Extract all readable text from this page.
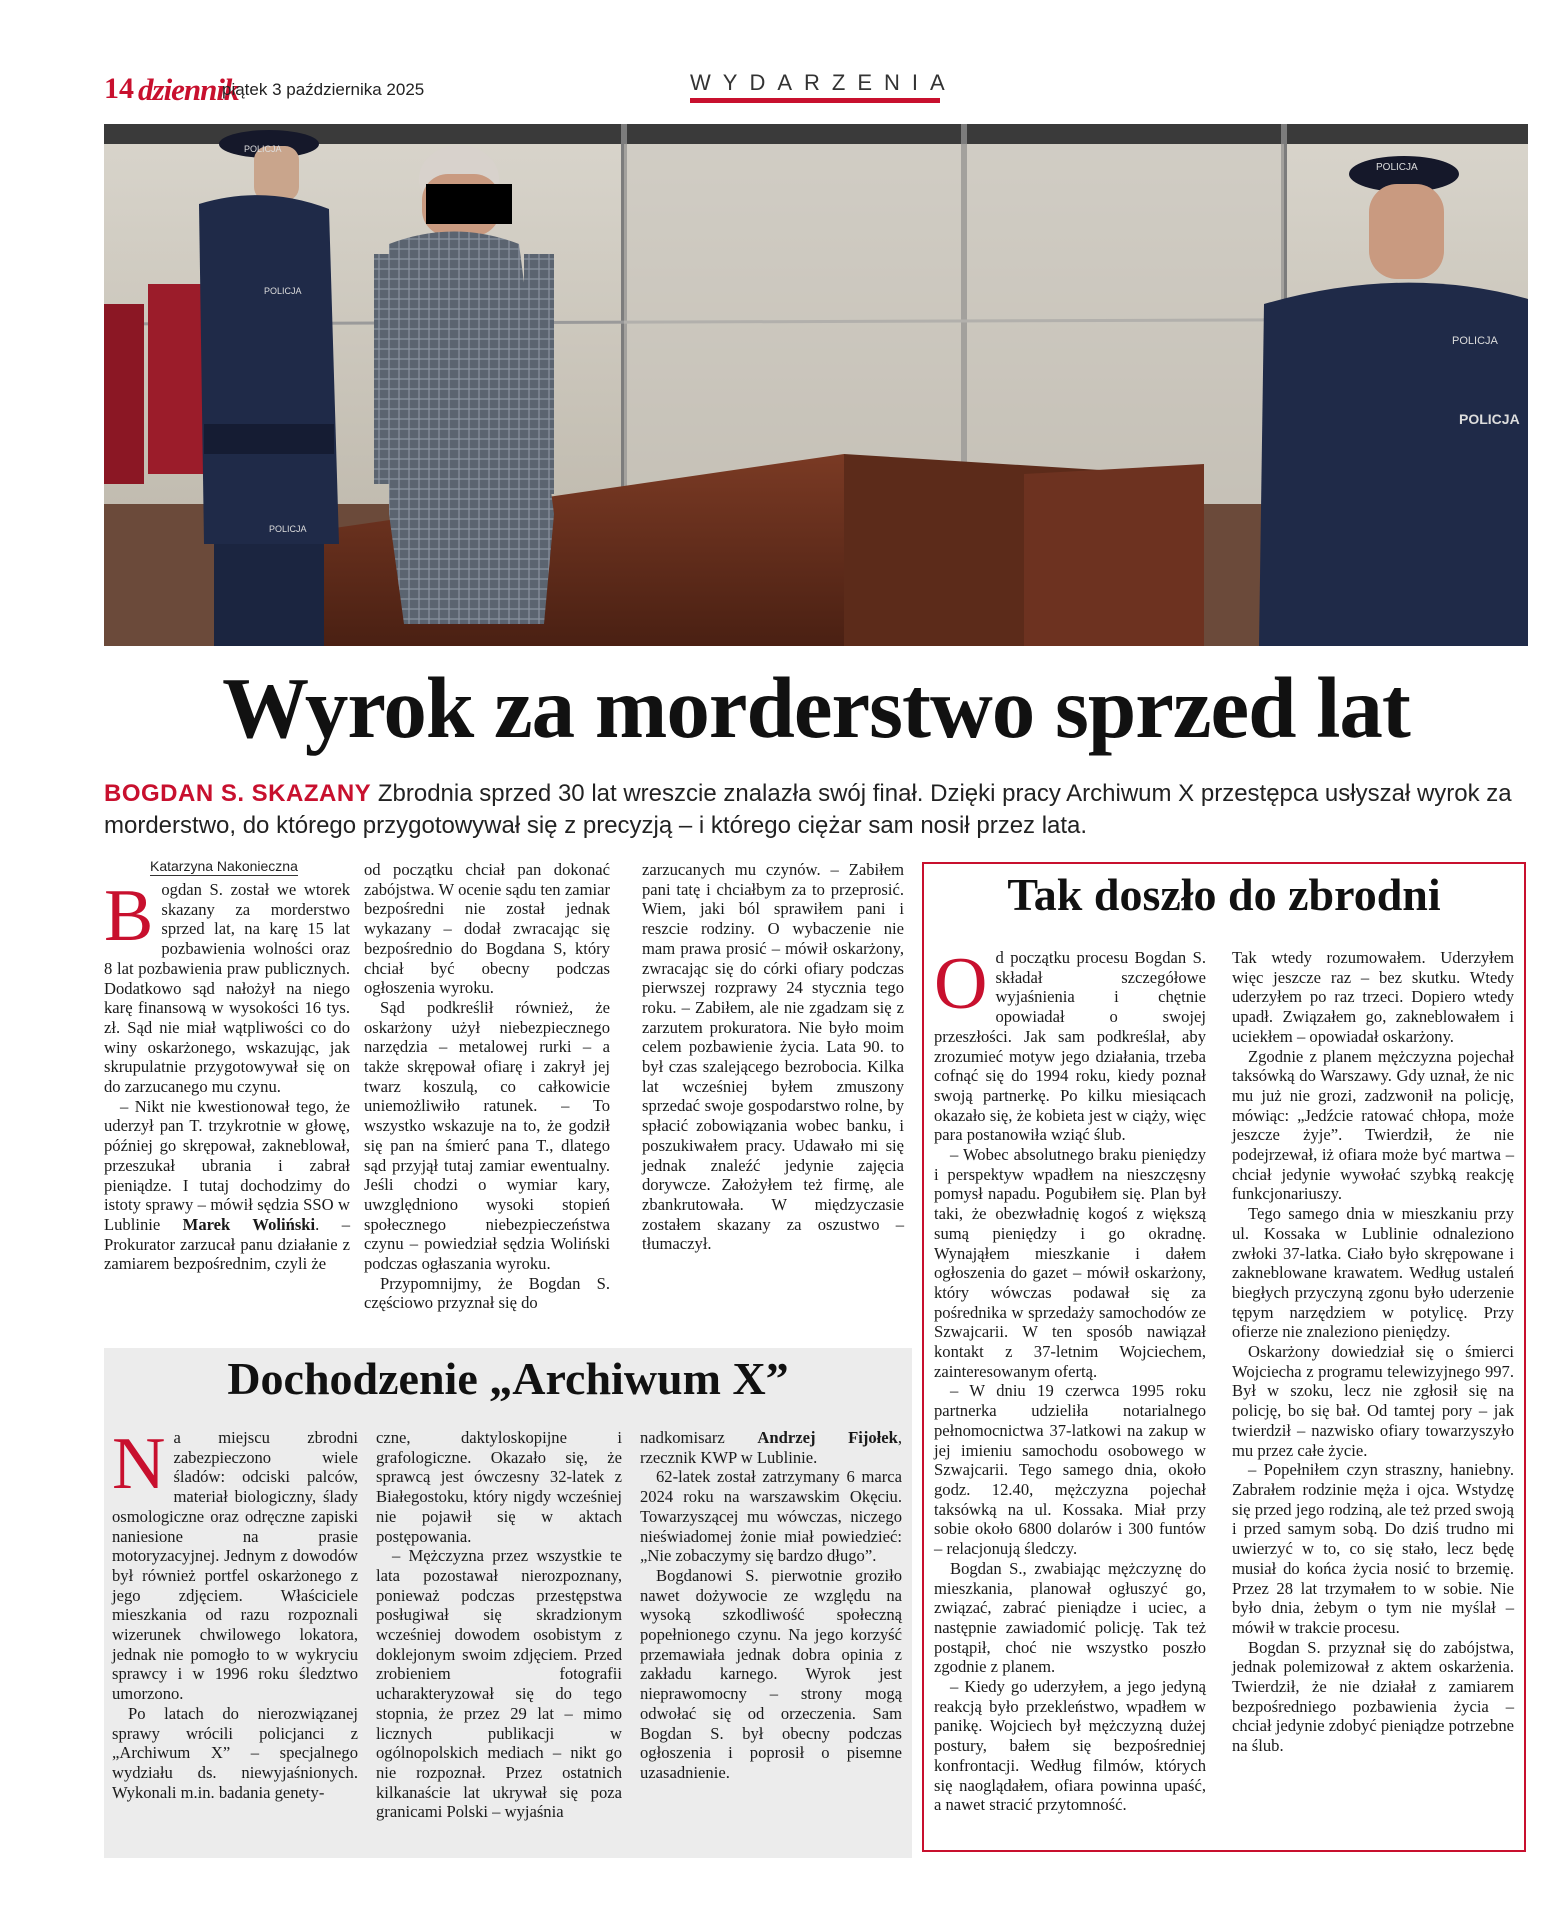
14 dziennik
piątek 3 października 2025	WYDARZENIA
POLICJA
POLICJA
POLICJA
POLICJA
POLICJA
POLICJA
Wyrok za morderstwo sprzed lat
BOGDAN S. SKAZANY Zbrodnia sprzed 30 lat wreszcie znalazła swój finał. Dzięki pracy Archiwum X przestępca usłyszał wyrok za morderstwo, do którego przygotowywał się z precyzją – i którego ciężar sam nosił przez lata.
Katarzyna Nakonieczna
B ogdan S. został we wtorek skazany za morderstwo sprzed lat, na karę 15 lat pozbawienia wolności oraz 8 lat pozbawienia praw publicznych. Dodatkowo sąd nałożył na niego karę finansową w wysokości 16 tys. zł. Sąd nie miał wątpliwości co do winy oskarżonego, wskazując, jak skrupulatnie przygotowywał się on do zarzucanego mu czynu.

– Nikt nie kwestionował tego, że uderzył pan T. trzykrotnie w głowę, później go skrępował, zakneblował, przeszukał ubrania i zabrał pieniądze. I tutaj dochodzimy do istoty sprawy – mówił sędzia SSO w Lublinie Marek Woliński. – Prokurator zarzucał panu działanie z zamiarem bezpośrednim, czyli że

od początku chciał pan dokonać zabójstwa. W ocenie sądu ten zamiar bezpośredni nie został jednak wykazany – dodał zwracając się bezpośrednio do Bogdana S, który chciał być obecny podczas ogłoszenia wyroku.

Sąd podkreślił również, że oskarżony użył niebezpiecznego narzędzia – metalowej rurki – a także skrępował ofiarę i zakrył jej twarz koszulą, co całkowicie uniemożliwiło ratunek. – To wszystko wskazuje na to, że godził się pan na śmierć pana T., dlatego sąd przyjął tutaj zamiar ewentualny. Jeśli chodzi o wymiar kary, uwzględniono wysoki stopień społecznego niebezpieczeństwa czynu – powiedział sędzia Woliński podczas ogłaszania wyroku.

Przypomnijmy, że Bogdan S. częściowo przyznał się do

zarzucanych mu czynów. – Zabiłem pani tatę i chciałbym za to przeprosić. Wiem, jaki ból sprawiłem pani i reszcie rodziny. O wybaczenie nie mam prawa prosić – mówił oskarżony, zwracając się do córki ofiary podczas pierwszej rozprawy 24 stycznia tego roku. – Zabiłem, ale nie zgadzam się z zarzutem prokuratora. Nie było moim celem pozbawienie życia. Lata 90. to był czas szalejącego bezrobocia. Kilka lat wcześniej byłem zmuszony sprzedać swoje gospodarstwo rolne, by spłacić zobowiązania wobec banku, i poszukiwałem pracy. Udawało mi się jednak znaleźć jedynie zajęcia dorywcze. Założyłem też firmę, ale zbankrutowała. W międzyczasie zostałem skazany za oszustwo – tłumaczył.

Tak doszło do zbrodni
O d początku procesu Bogdan S. składał szczegółowe wyjaśnienia i chętnie opowiadał o swojej przeszłości. Jak sam podkreślał, aby zrozumieć motyw jego działania, trzeba cofnąć się do 1994 roku, kiedy poznał swoją partnerkę. Po kilku miesiącach okazało się, że kobieta jest w ciąży, więc para postanowiła wziąć ślub.

– Wobec absolutnego braku pieniędzy i perspektyw wpadłem na nieszczęsny pomysł napadu. Pogubiłem się. Plan był taki, że obezwładnię kogoś z większą sumą pieniędzy i go okradnę. Wynająłem mieszkanie i dałem ogłoszenia do gazet – mówił oskarżony, który wówczas podawał się za pośrednika w sprzedaży samochodów ze Szwajcarii. W ten sposób nawiązał kontakt z 37-letnim Wojciechem, zainteresowanym ofertą.

– W dniu 19 czerwca 1995 roku partnerka udzieliła notarialnego pełnomocnictwa 37-latkowi na zakup w jej imieniu samochodu osobowego w Szwajcarii. Tego samego dnia, około godz. 12.40, mężczyzna pojechał taksówką na ul. Kossaka. Miał przy sobie około 6800 dolarów i 300 funtów – relacjonują śledczy.

Bogdan S., zwabiając mężczyznę do mieszkania, planował ogłuszyć go, związać, zabrać pieniądze i uciec, a następnie zawiadomić policję. Tak też postąpił, choć nie wszystko poszło zgodnie z planem.

– Kiedy go uderzyłem, a jego jedyną reakcją było przekleństwo, wpadłem w panikę. Wojciech był mężczyzną dużej postury, bałem się bezpośredniej konfrontacji. Według filmów, których się naoglądałem, ofiara powinna upaść, a nawet stracić przytomność.

Tak wtedy rozumowałem. Uderzyłem więc jeszcze raz – bez skutku. Wtedy uderzyłem po raz trzeci. Dopiero wtedy upadł. Związałem go, zakneblowałem i uciekłem – opowiadał oskarżony.

Zgodnie z planem mężczyzna pojechał taksówką do Warszawy. Gdy uznał, że nic mu już nie grozi, zadzwonił na policję, mówiąc: „Jedźcie ratować chłopa, może jeszcze żyje”. Twierdził, że nie podejrzewał, iż ofiara może być martwa – chciał jedynie wywołać szybką reakcję funkcjonariuszy.

Tego samego dnia w mieszkaniu przy ul. Kossaka w Lublinie odnaleziono zwłoki 37-latka. Ciało było skrępowane i zakneblowane krawatem. Według ustaleń biegłych przyczyną zgonu było uderzenie tępym narzędziem w potylicę. Przy ofierze nie znaleziono pieniędzy.

Oskarżony dowiedział się o śmierci Wojciecha z programu telewizyjnego 997. Był w szoku, lecz nie zgłosił się na policję, bo się bał. Od tamtej pory – jak twierdził – nazwisko ofiary towarzyszyło mu przez całe życie.

– Popełniłem czyn straszny, haniebny. Zabrałem rodzinie męża i ojca. Wstydzę się przed jego rodziną, ale też przed swoją i przed samym sobą. Do dziś trudno mi uwierzyć w to, co się stało, lecz będę musiał do końca życia nosić to brzemię. Przez 28 lat trzymałem to w sobie. Nie było dnia, żebym o tym nie myślał – mówił w trakcie procesu.

Bogdan S. przyznał się do zabójstwa, jednak polemizował z aktem oskarżenia. Twierdził, że nie działał z zamiarem bezpośredniego pozbawienia życia – chciał jedynie zdobyć pieniądze potrzebne na ślub.

Dochodzenie „Archiwum X”
N a miejscu zbrodni zabezpieczono wiele śladów: odciski palców, materiał biologiczny, ślady osmologiczne oraz odręczne zapiski naniesione na prasie motoryzacyjnej. Jednym z dowodów był również portfel oskarżonego z jego zdjęciem. Właściciele mieszkania od razu rozpoznali wizerunek chwilowego lokatora, jednak nie pomogło to w wykryciu sprawcy i w 1996 roku śledztwo umorzono.

Po latach do nierozwiązanej sprawy wrócili policjanci z „Archiwum X” – specjalnego wydziału ds. niewyjaśnionych. Wykonali m.in. badania genety-

czne, daktyloskopijne i grafologiczne. Okazało się, że sprawcą jest ówczesny 32-latek z Białegostoku, który nigdy wcześniej nie pojawił się w aktach postępowania.

– Mężczyzna przez wszystkie te lata pozostawał nierozpoznany, ponieważ podczas przestępstwa posługiwał się skradzionym wcześniej dowodem osobistym z doklejonym swoim zdjęciem. Przed zrobieniem fotografii ucharakteryzował się do tego stopnia, że przez 29 lat – mimo licznych publikacji w ogólnopolskich mediach – nikt go nie rozpoznał. Przez ostatnich kilkanaście lat ukrywał się poza granicami Polski – wyjaśnia

nadkomisarz Andrzej Fijołek, rzecznik KWP w Lublinie.

62-latek został zatrzymany 6 marca 2024 roku na warszawskim Okęciu. Towarzyszącej mu wówczas, niczego nieświadomej żonie miał powiedzieć: „Nie zobaczymy się bardzo długo”.

Bogdanowi S. pierwotnie groziło nawet dożywocie ze względu na wysoką szkodliwość społeczną popełnionego czynu. Na jego korzyść przemawiała jednak dobra opinia z zakładu karnego. Wyrok jest nieprawomocny – strony mogą odwołać się od orzeczenia. Sam Bogdan S. był obecny podczas ogłoszenia i poprosił o pisemne uzasadnienie.
